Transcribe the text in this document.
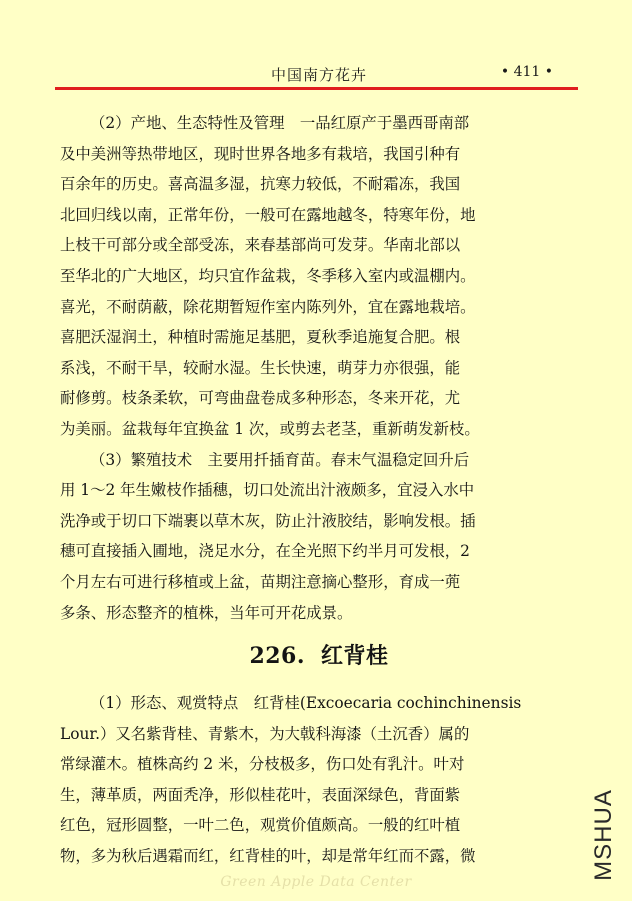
中国南方花卉	• 411 •

（2）产地、生态特性及管理　一品红原产于墨西哥南部

及中美洲等热带地区，现时世界各地多有栽培，我国引种有

百余年的历史。喜高温多湿，抗寒力较低，不耐霜冻，我国

北回归线以南，正常年份，一般可在露地越冬，特寒年份，地

上枝干可部分或全部受冻，来春基部尚可发芽。华南北部以

至华北的广大地区，均只宜作盆栽，冬季移入室内或温棚内。

喜光，不耐荫蔽，除花期暂短作室内陈列外，宜在露地栽培。

喜肥沃湿润土，种植时需施足基肥，夏秋季追施复合肥。根

系浅，不耐干旱，较耐水湿。生长快速，萌芽力亦很强，能

耐修剪。枝条柔软，可弯曲盘卷成多种形态，冬来开花，尤

为美丽。盆栽每年宜换盆 1 次，或剪去老茎，重新萌发新枝。

（3）繁殖技术　主要用扦插育苗。春末气温稳定回升后

用 1～2 年生嫩枝作插穗，切口处流出汁液颇多，宜浸入水中

洗净或于切口下端裹以草木灰，防止汁液胶结，影响发根。插

穗可直接插入圃地，浇足水分，在全光照下约半月可发根，2

个月左右可进行移植或上盆，苗期注意摘心整形，育成一蔸

多条、形态整齐的植株，当年可开花成景。

226. 红背桂

（1）形态、观赏特点　红背桂(Excoecaria cochinchinensis

Lour.）又名紫背桂、青紫木，为大戟科海漆（土沉香）属的

常绿灌木。植株高约 2 米，分枝极多，伤口处有乳汁。叶对

生，薄革质，两面秃净，形似桂花叶，表面深绿色，背面紫

红色，冠形圆整，一叶二色，观赏价值颇高。一般的红叶植

物，多为秋后遇霜而红，红背桂的叶，却是常年红而不露，微

Green Apple Data Center
MSHUA
